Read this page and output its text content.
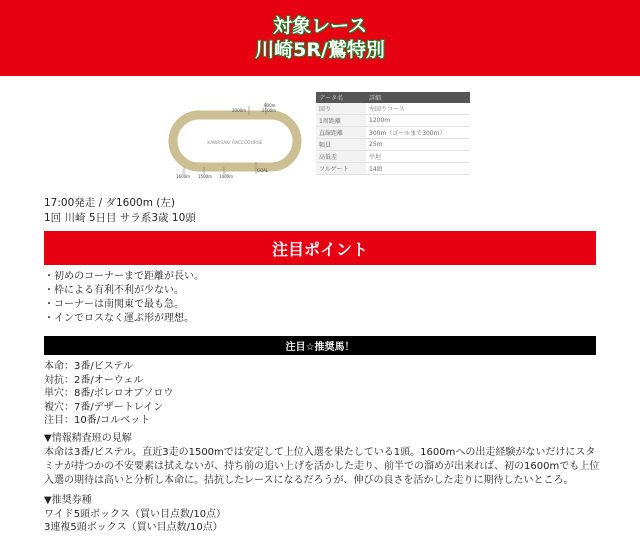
対象レース
川崎5R/鷲特別
KAWASAKI RACECOURSE
2000m
900m
2100m
1600m 1500m 1400m
GOAL
データ名	詳細
回り	左回りコース
1周距離	1200m
直線距離	300m（ゴールまで300m）
幅員	25m
高低差	平坦
フルゲート	14頭
17:00発走 / ダ1600m (左)
1回 川崎 5日目 サラ系3歳 10頭
注目ポイント
・初めのコーナーまで距離が長い。
・枠による有利不利が少ない。
・コーナーは南関東で最も急。
・インでロスなく運ぶ形が理想。
注目☆推奨馬！
本命：3番/ビステル
対抗：2番/オーウェル
単穴：8番/ボレロオブソロウ
複穴：7番/デザートレイン
注目：10番/コルベット
▼情報精査班の見解
本命は3番/ビステル。直近3走の1500mでは安定して上位入選を果たしている1頭。1600mへの出走経験がないだけにスタミナが持つかの不安要素は拭えないが、持ち前の追い上げを活かした走り、前半での溜めが出来れば、初の1600mでも上位入選の期待は高いと分析し本命に。拮抗したレースになるだろうが、伸びの良さを活かした走りに期待したいところ。
▼推奨券種
ワイド5頭ボックス（買い目点数/10点）
3連複5頭ボックス（買い目点数/10点）
